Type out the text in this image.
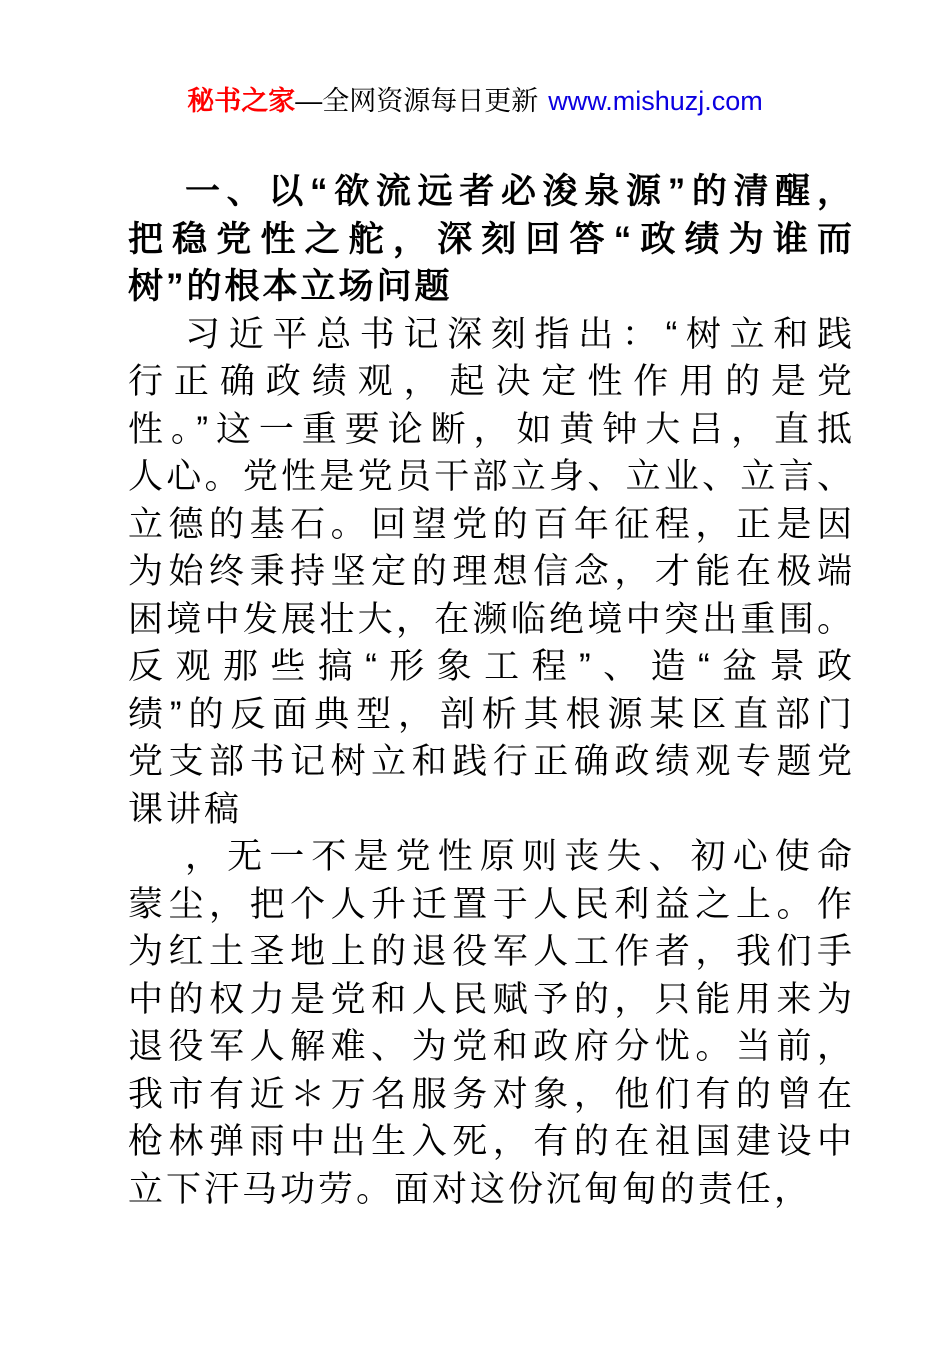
秘书之家—全网资源每日更新 www.mishuzj.com
一、以“欲流远者必浚泉源”的清醒，
把稳党性之舵，深刻回答“政绩为谁而
树”的根本立场问题
习近平总书记深刻指出：“树立和践
行正确政绩观，起决定性作用的是党
性。”这一重要论断，如黄钟大吕，直抵
人心。党性是党员干部立身、立业、立言、
立德的基石。回望党的百年征程，正是因
为始终秉持坚定的理想信念，才能在极端
困境中发展壮大，在濒临绝境中突出重围。
反观那些搞“形象工程”、造“盆景政
绩”的反面典型，剖析其根源某区直部门
党支部书记树立和践行正确政绩观专题党
课讲稿
，无一不是党性原则丧失、初心使命
蒙尘，把个人升迁置于人民利益之上。作
为红土圣地上的退役军人工作者，我们手
中的权力是党和人民赋予的，只能用来为
退役军人解难、为党和政府分忧。当前，
我市有近＊万名服务对象，他们有的曾在
枪林弹雨中出生入死，有的在祖国建设中
立下汗马功劳。面对这份沉甸甸的责任，
